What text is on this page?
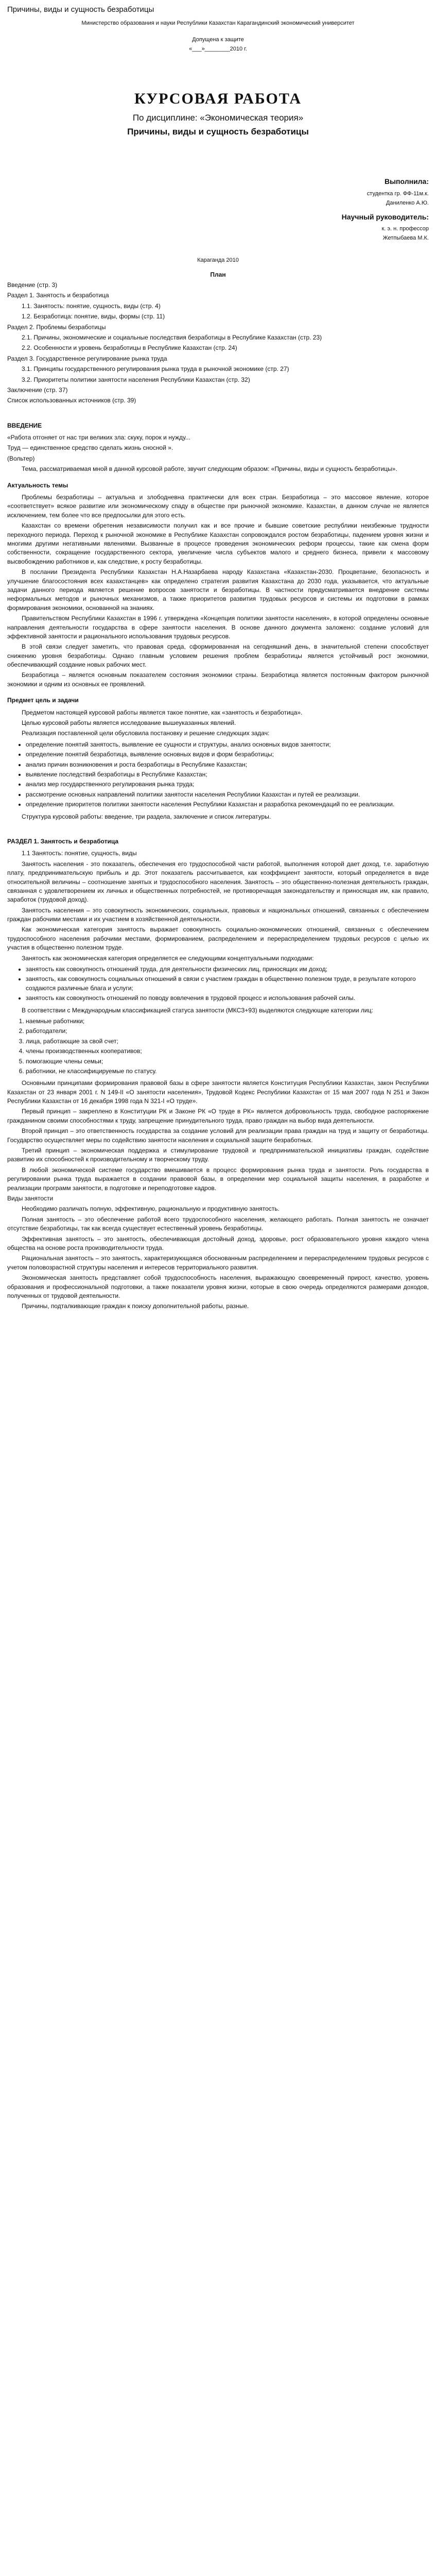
Причины, виды и сущность безработицы

Министерство образования и науки Республики Казахстан Карагандинский экономический университет

Допущена к защите

«___»________2010 г.

КУРСОВАЯ РАБОТА

По дисциплине: «Экономическая теория»

Причины, виды и сущность безработицы

Выполнила:

студентка гр. ФФ-11м.к.

Даниленко А.Ю.

Научный руководитель:

к. э. н. профессор

Жетпыбаева М.К.

Караганда 2010

План

Введение (стр. 3)

Раздел 1. Занятость и безработица

1.1. Занятость: понятие, сущность, виды (стр. 4)

1.2. Безработица: понятие, виды, формы (стр. 11)

Раздел 2. Проблемы безработицы

2.1. Причины, экономические и социальные последствия безработицы в Республике Казахстан (стр. 23)

2.2. Особенности и уровень безработицы в Республике Казахстан (стр. 24)

Раздел 3. Государственное регулирование рынка труда

3.1. Принципы государственного регулирования рынка труда в рыночной экономике (стр. 27)

3.2. Приоритеты политики занятости населения Республики Казахстан (стр. 32)

Заключение (стр. 37)

Список использованных источников (стр. 39)

ВВЕДЕНИЕ

«Работа отгоняет от нас три великих зла: скуку, порок и нужду...

Труд — единственное средство сделать жизнь сносной ».

(Вольтер)

Тема, рассматриваемая мной в данной курсовой работе, звучит следующим образом: «Причины, виды и сущность безработицы».

Актуальность темы

Проблемы безработицы – актуальна и злободневна практически для всех стран. Безработица – это массовое явление, которое «соответствует» всякое развитие или экономическому спаду в обществе при рыночной экономике. Казахстан, в данном случае не является исключением, тем более что все предпосылки для этого есть.

Казахстан со времени обретения независимости получил как и все прочие и бывшие советские республики неизбежные трудности переходного периода. Переход к рыночной экономике в Республике Казахстан сопровождался ростом безработицы, падением уровня жизни и многими другими негативными явлениями. Вызванные в процессе проведения экономических реформ процессы, такие как смена форм собственности, сокращение государственного сектора, увеличение числа субъектов малого и среднего бизнеса, привели к массовому высвобождению работников и, как следствие, к росту безработицы.

В послании Президента Республики Казахстан Н.А.Назарбаева народу Казахстана «Казахстан-2030. Процветание, безопасность и улучшение благосостояния всех казахстанцев» как определено стратегия развития Казахстана до 2030 года, указывается, что актуальные задачи данного периода является решение вопросов занятости и безработицы. В частности предусматривается внедрение системы неформальных методов и рыночных механизмов, а также приоритетов развития трудовых ресурсов и системы их подготовки в рамках формирования экономики, основанной на знаниях.

Правительством Республики Казахстан в 1996 г. утверждена «Концепция политики занятости населения», в которой определены основные направления деятельности государства в сфере занятости населения. В основе данного документа заложено: создание условий для эффективной занятости и рационального использования трудовых ресурсов.

В этой связи следует заметить, что правовая среда, сформированная на сегодняшний день, в значительной степени способствует снижению уровня безработицы. Однако главным условием решения проблем безработицы является устойчивый рост экономики, обеспечивающий создание новых рабочих мест.

Безработица – является основным показателем состояния экономики страны. Безработица является постоянным фактором рыночной экономики и одним из основных ее проявлений.

Предмет цель и задачи

Предметом настоящей курсовой работы является такое понятие, как «занятость и безработица».

Целью курсовой работы является исследование вышеуказанных явлений.

Реализация поставленной цели обусловила постановку и решение следующих задач:

• определение понятий занятость, выявление ее сущности и структуры, анализ основных видов занятости;
• определение понятий безработица, выявление основных видов и форм безработицы;
• анализ причин возникновения и роста безработицы в Республике Казахстан;
• выявление последствий безработицы в Республике Казахстан;
• анализ мер государственного регулирования рынка труда;
• рассмотрение основных направлений политики занятости населения Республики Казахстан и путей ее реализации.
• определение приоритетов политики занятости населения Республики Казахстан и разработка рекомендаций по ее реализации.

Структура курсовой работы: введение, три раздела, заключение и список литературы.

РАЗДЕЛ 1. Занятость и безработица

1.1 Занятость: понятие, сущность, виды

Занятость населения - это показатель, обеспечения его трудоспособной части работой, выполнения которой дает доход, т.е. заработную плату, предпринимательскую прибыль и др. Этот показатель рассчитывается, как коэффициент занятости, который определяется в виде относительной величины – соотношение занятых и трудоспособного населения. Занятость – это общественно-полезная деятельность граждан, связанная с удовлетворением их личных и общественных потребностей, не противоречащая законодательству и приносящая им, как правило, заработок (трудовой доход).

Занятость населения – это совокупность экономических, социальных, правовых и национальных отношений, связанных с обеспечением граждан рабочими местами и их участием в хозяйственной деятельности.

Как экономическая категория занятость выражает совокупность социально-экономических отношений, связанных с обеспечением трудоспособного населения рабочими местами, формированием, распределением и перераспределением трудовых ресурсов с целью их участия в общественно полезном труде.

Занятость как экономическая категория определяется ее следующими концептуальными подходами:

• занятость как совокупность отношений труда, для деятельности физических лиц, приносящих им доход;
• занятость, как совокупность социальных отношений в связи с участием граждан в общественно полезном труде, в результате которого создаются различные блага и услуги;
• занятость как совокупность отношений по поводу вовлечения в трудовой процесс и использования рабочей силы.

В соответствии с Международным классификацией статуса занятости (МКСЗ+93) выделяются следующие категории лиц:

1. наемные работники;
2. работодатели;
3. лица, работающие за свой счет;
4. члены производственных кооперативов;
5. помогающие члены семьи;
6. работники, не классифицируемые по статусу.

Основными принципами формирования правовой базы в сфере занятости является Конституция Республики Казахстан, закон Республики Казахстан от 23 января 2001 г. N 149-II «О занятости населения», Трудовой Кодекс Республики Казахстан от 15 мая 2007 года N 251 и Закон Республики Казахстан от 16 декабря 1998 года N 321-I «О труде».

Первый принцип – закреплено в Конституции РК и Законе РК «О труде в РК» является добровольность труда, свободное распоряжение гражданином своими способностями к труду, запрещение принудительного труда, право граждан на выбор вида деятельности.

Второй принцип – это ответственность государства за создание условий для реализации права граждан на труд и защиту от безработицы. Государство осуществляет меры по содействию занятости населения и социальной защите безработных.

Третий принцип – экономическая поддержка и стимулирование трудовой и предпринимательской инициативы граждан, содействие развитию их способностей к производительному и творческому труду.

В любой экономической системе государство вмешивается в процесс формирования рынка труда и занятости. Роль государства в регулировании рынка труда выражается в создании правовой базы, в определении мер социальной защиты населения, в разработке и реализации программ занятости, в подготовке и переподготовке кадров.

Виды занятости

Необходимо различать полную, эффективную, рациональную и продуктивную занятость.

Полная занятость – это обеспечение работой всего трудоспособного населения, желающего работать. Полная занятость не означает отсутствие безработицы, так как всегда существует естественный уровень безработицы.

Эффективная занятость – это занятость, обеспечивающая достойный доход, здоровье, рост образовательного уровня каждого члена общества на основе роста производительности труда.

Рациональная занятость – это занятость, характеризующаяся обоснованным распределением и перераспределением трудовых ресурсов с учетом половозрастной структуры населения и интересов территориального развития.

Экономическая занятость представляет собой трудоспособность населения, выражающую своевременный прирост, качество, уровень образования и профессиональной подготовки, а также показатели уровня жизни, которые в свою очередь определяются размерами доходов, полученных от трудовой деятельности.

Причины, подталкивающие граждан к поиску дополнительной работы, разные.
